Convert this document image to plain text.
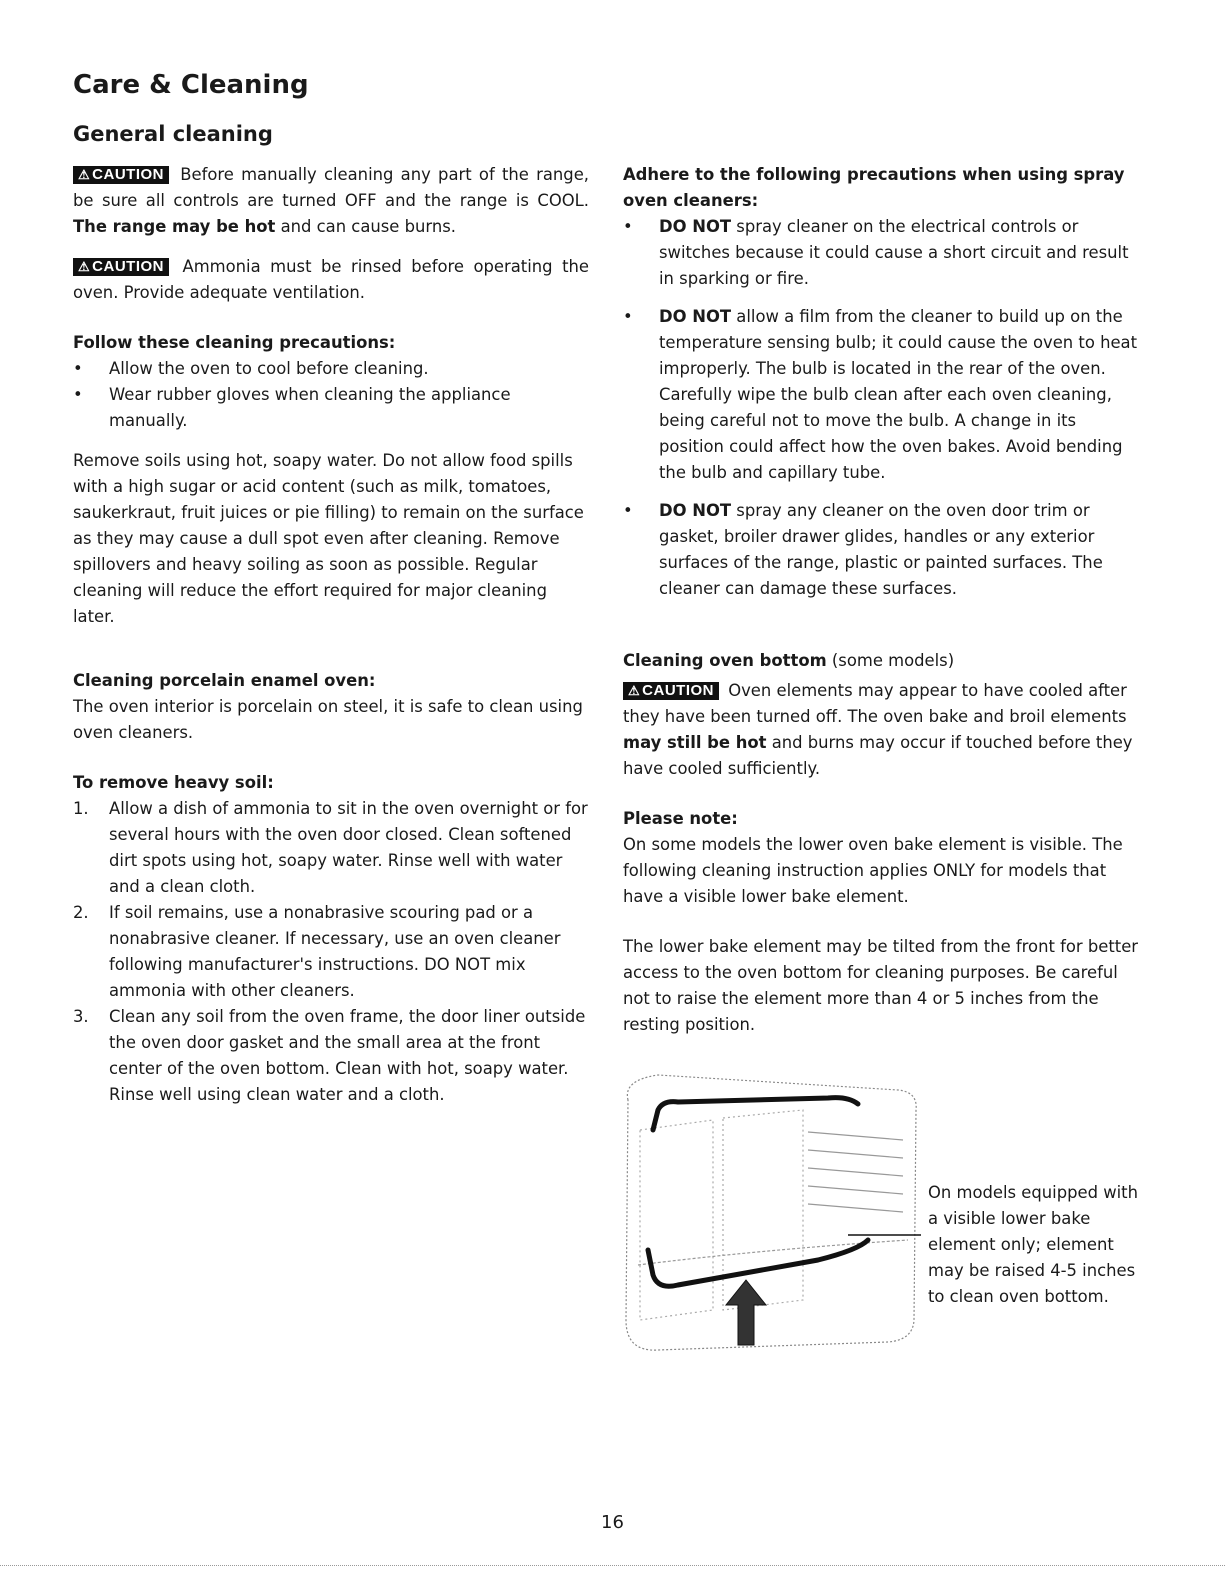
Care & Cleaning
General cleaning

⚠ CAUTION Before manually cleaning any part of the range, be sure all controls are turned OFF and the range is COOL. The range may be hot and can cause burns.

⚠ CAUTION Ammonia must be rinsed before operating the oven. Provide adequate ventilation.

Follow these cleaning precautions:

• Allow the oven to cool before cleaning.
• Wear rubber gloves when cleaning the appliance manually.

Remove soils using hot, soapy water. Do not allow food spills with a high sugar or acid content (such as milk, tomatoes, saukerkraut, fruit juices or pie filling) to remain on the surface as they may cause a dull spot even after cleaning. Remove spillovers and heavy soiling as soon as possible. Regular cleaning will reduce the effort required for major cleaning later.

Cleaning porcelain enamel oven:

The oven interior is porcelain on steel, it is safe to clean using oven cleaners.

To remove heavy soil:

1. Allow a dish of ammonia to sit in the oven overnight or for several hours with the oven door closed. Clean softened dirt spots using hot, soapy water. Rinse well with water and a clean cloth.
2. If soil remains, use a nonabrasive scouring pad or a nonabrasive cleaner. If necessary, use an oven cleaner following manufacturer's instructions. DO NOT mix ammonia with other cleaners.
3. Clean any soil from the oven frame, the door liner outside the oven door gasket and the small area at the front center of the oven bottom. Clean with hot, soapy water. Rinse well using clean water and a cloth.

Adhere to the following precautions when using spray oven cleaners:

• DO NOT spray cleaner on the electrical controls or switches because it could cause a short circuit and result in sparking or fire.
• DO NOT allow a film from the cleaner to build up on the temperature sensing bulb; it could cause the oven to heat improperly. The bulb is located in the rear of the oven. Carefully wipe the bulb clean after each oven cleaning, being careful not to move the bulb. A change in its position could affect how the oven bakes. Avoid bending the bulb and capillary tube.
• DO NOT spray any cleaner on the oven door trim or gasket, broiler drawer glides, handles or any exterior surfaces of the range, plastic or painted surfaces. The cleaner can damage these surfaces.

Cleaning oven bottom (some models)

⚠ CAUTION Oven elements may appear to have cooled after they have been turned off. The oven bake and broil elements may still be hot and burns may occur if touched before they have cooled sufficiently.

Please note:

On some models the lower oven bake element is visible. The following cleaning instruction applies ONLY for models that have a visible lower bake element.

The lower bake element may be tilted from the front for better access to the oven bottom for cleaning purposes. Be careful not to raise the element more than 4 or 5 inches from the resting position.

On models equipped with a visible lower bake element only; element may be raised 4-5 inches to clean oven bottom.

16
